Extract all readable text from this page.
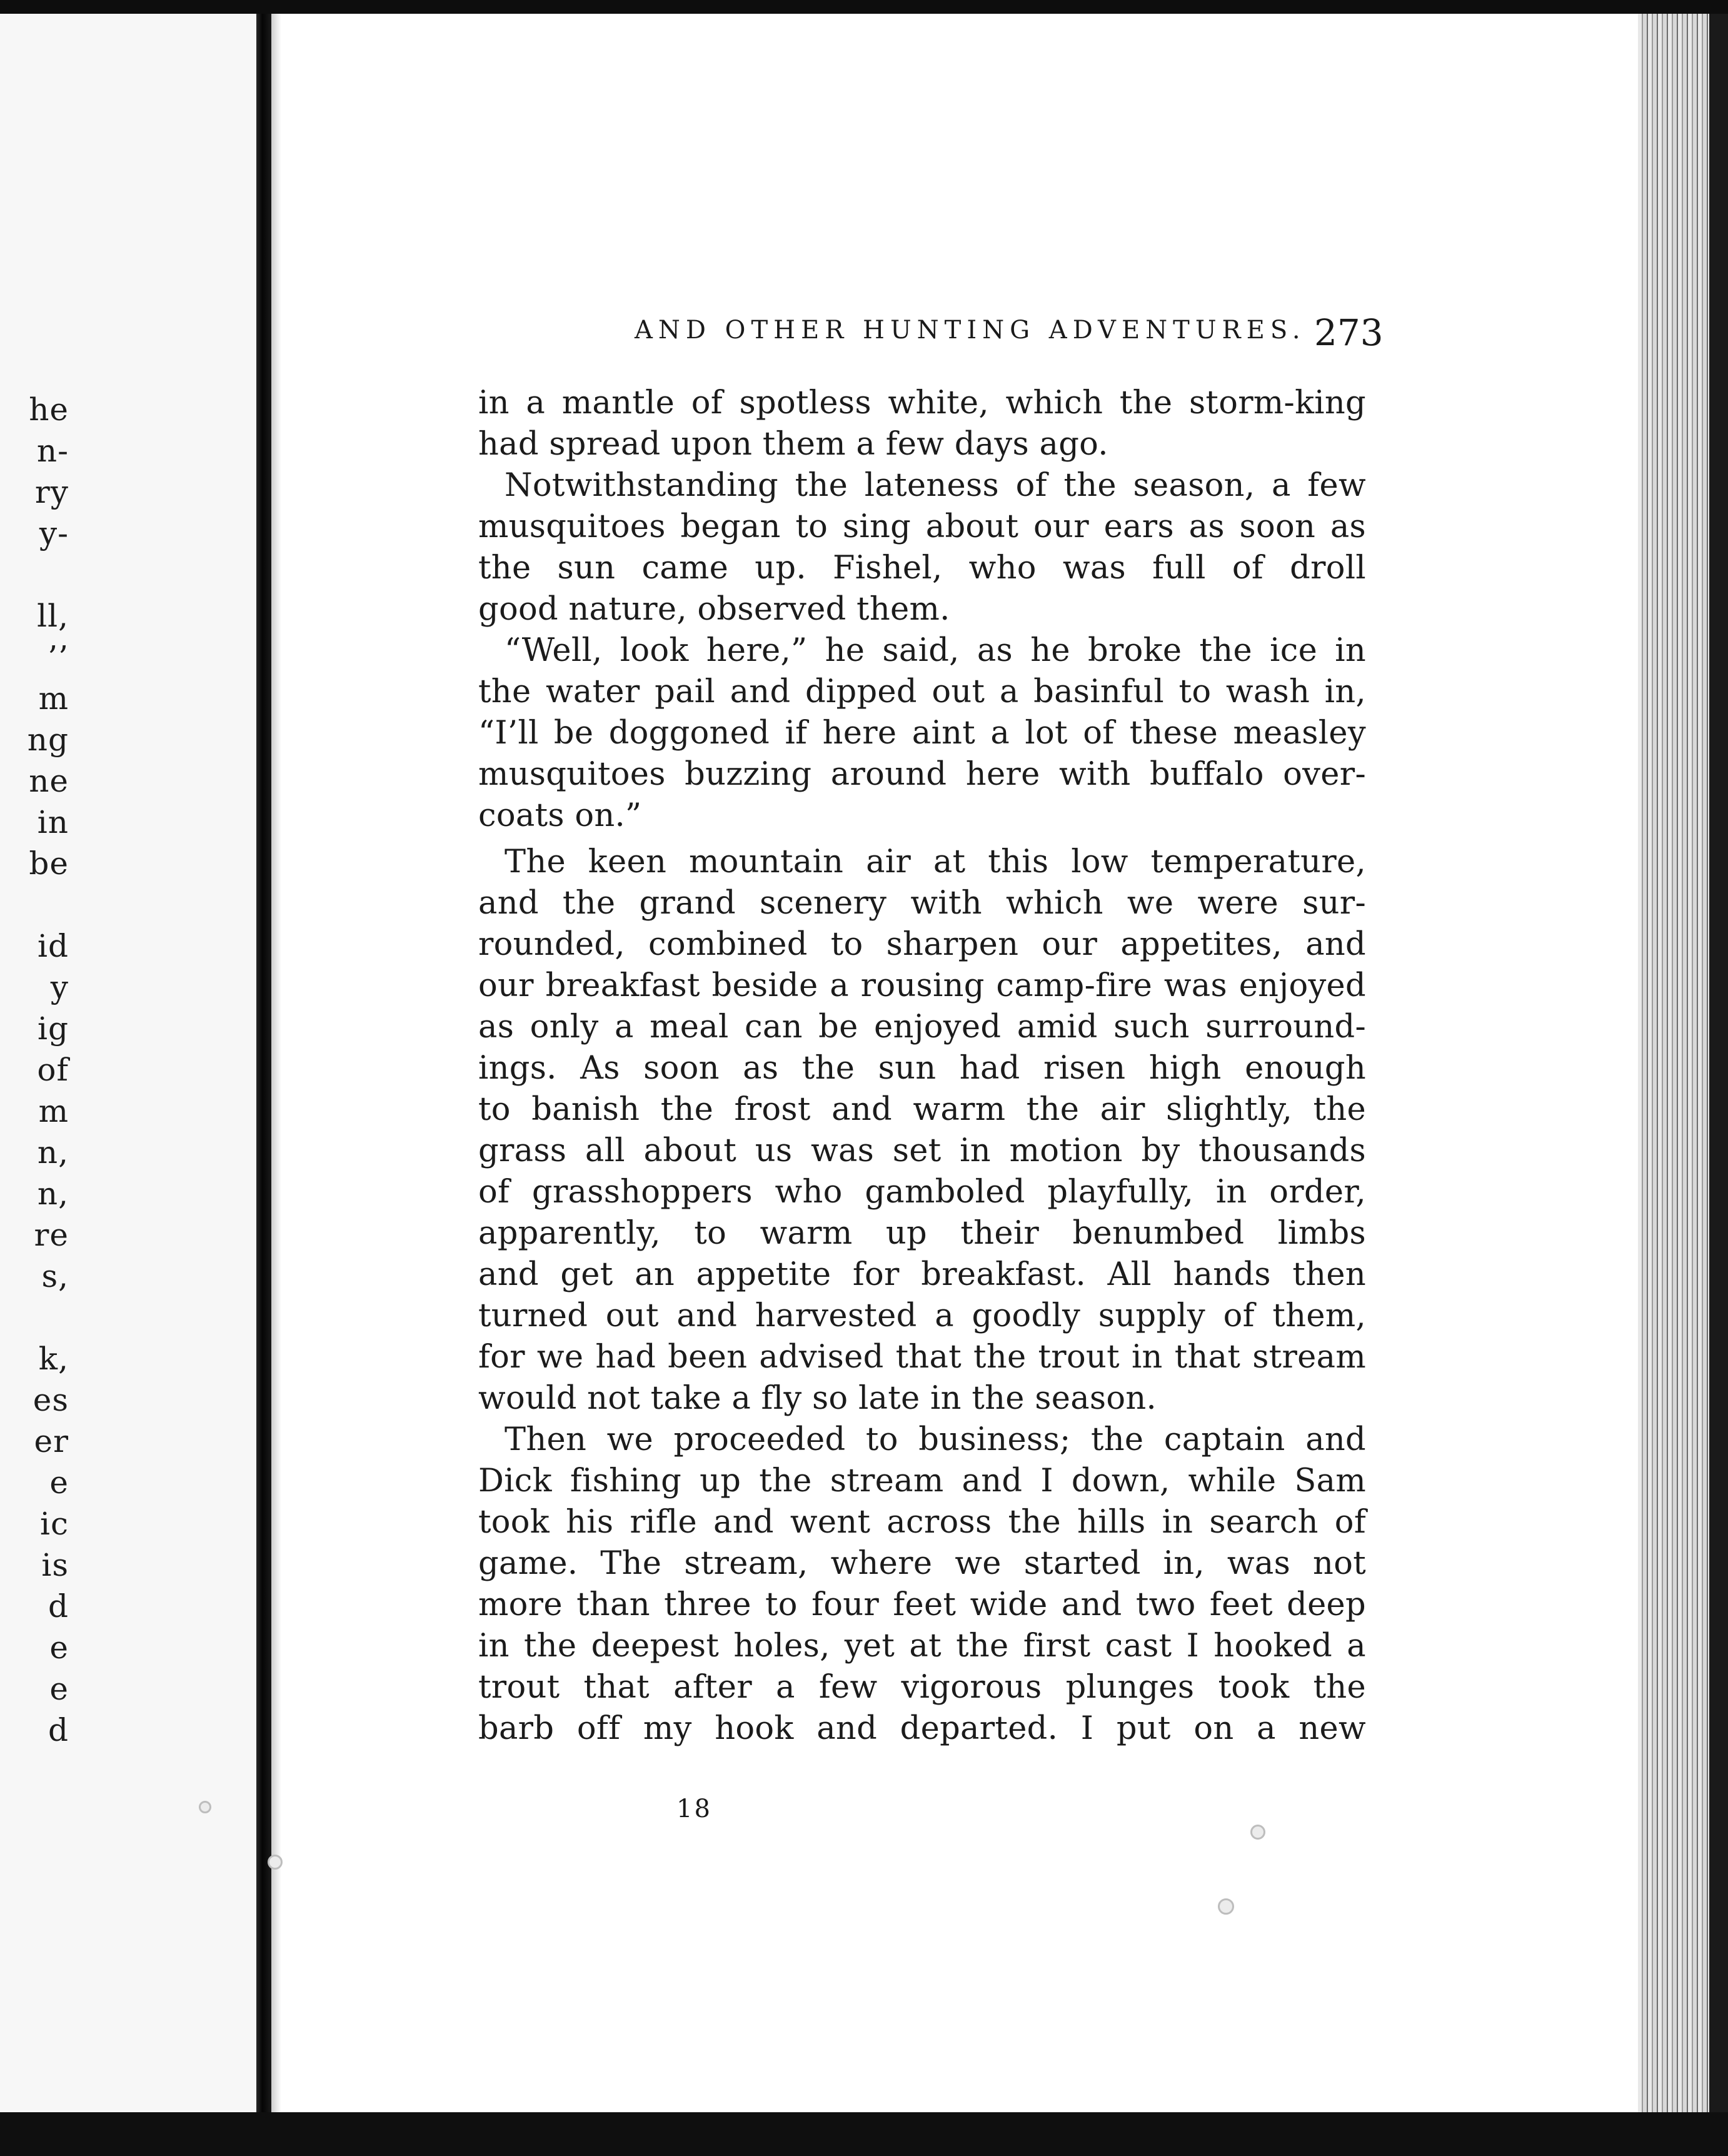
he
n-
ry
y-
ll,
’’
m
ng
ne
in
be
id
y
ig
of
m
n,
n,
re
s,
k,
es
er
e
ic
is
d
e
e
d
AND OTHER HUNTING ADVENTURES. 273
in a mantle of spotless white, which the storm-king
had spread upon them a few days ago.
Notwithstanding the lateness of the season, a few
musquitoes began to sing about our ears as soon as
the sun came up. Fishel, who was full of droll
good nature, observed them.
“Well, look here,” he said, as he broke the ice in
the water pail and dipped out a basinful to wash in,
“I’ll be doggoned if here aint a lot of these measley
musquitoes buzzing around here with buffalo over-
coats on.”
The keen mountain air at this low temperature,
and the grand scenery with which we were sur-
rounded, combined to sharpen our appetites, and
our breakfast beside a rousing camp-fire was enjoyed
as only a meal can be enjoyed amid such surround-
ings. As soon as the sun had risen high enough
to banish the frost and warm the air slightly, the
grass all about us was set in motion by thousands
of grasshoppers who gamboled playfully, in order,
apparently, to warm up their benumbed limbs
and get an appetite for breakfast. All hands then
turned out and harvested a goodly supply of them,
for we had been advised that the trout in that stream
would not take a fly so late in the season.
Then we proceeded to business; the captain and
Dick fishing up the stream and I down, while Sam
took his rifle and went across the hills in search of
game. The stream, where we started in, was not
more than three to four feet wide and two feet deep
in the deepest holes, yet at the first cast I hooked a
trout that after a few vigorous plunges took the
barb off my hook and departed. I put on a new
18
